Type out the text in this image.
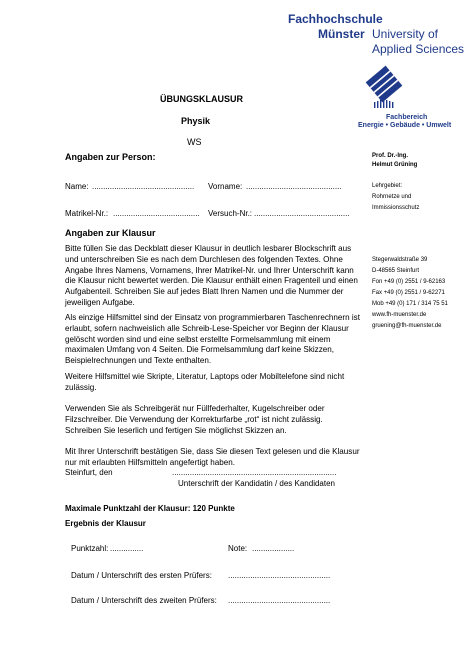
Fachhochschule
Münster University of
Applied Sciences
Fachbereich
Energie • Gebäude • Umwelt
ÜBUNGSKLAUSUR
Physik
WS
Angaben zur Person:
Name: .............................................. Vorname: ...........................................
Matrikel-Nr.: ....................................... Versuch-Nr.: ...........................................
Angaben zur Klausur

Bitte füllen Sie das Deckblatt dieser Klausur in deutlich lesbarer Blockschrift aus und unterschreiben Sie es nach dem Durchlesen des folgenden Textes. Ohne Angabe Ihres Namens, Vornamens, Ihrer Matrikel-Nr. und Ihrer Unterschrift kann die Klausur nicht bewertet werden. Die Klausur enthält einen Fragenteil und einen Aufgabenteil. Schreiben Sie auf jedes Blatt Ihren Namen und die Nummer der jeweiligen Aufgabe.

Als einzige Hilfsmittel sind der Einsatz von programmierbaren Taschenrechnern ist erlaubt, sofern nachweislich alle Schreib-Lese-Speicher vor Beginn der Klausur gelöscht worden sind und eine selbst erstellte Formelsammlung mit einem maximalen Umfang von 4 Seiten. Die Formelsammlung darf keine Skizzen, Beispielrechnungen und Texte enthalten.

Weitere Hilfsmittel wie Skripte, Literatur, Laptops oder Mobiltelefone sind nicht zulässig.

Verwenden Sie als Schreibgerät nur Füllfederhalter, Kugelschreiber oder Filzschreiber. Die Verwendung der Korrekturfarbe „rot“ ist nicht zulässig. Schreiben Sie leserlich und fertigen Sie möglichst Skizzen an.

Mit Ihrer Unterschrift bestätigen Sie, dass Sie diesen Text gelesen und die Klausur nur mit erlaubten Hilfsmitteln angefertigt haben.

Steinfurt, den	..........................................................................
Unterschrift der Kandidatin / des Kandidaten
Maximale Punktzahl der Klausur: 120 Punkte
Ergebnis der Klausur
Punktzahl: ...............	Note: ...................
Datum / Unterschrift des ersten Prüfers: ..............................................
Datum / Unterschrift des zweiten Prüfers: ..............................................
Prof. Dr.-Ing.
Helmut Grüning
Lehrgebiet:
Rohrnetze und
Immissionsschutz
Stegerwaldstraße 39
D-48565 Steinfurt
Fon +49 (0) 2551 / 9-62163
Fax +49 (0) 2551 / 9-62271
Mob +49 (0) 171 / 314 75 51
www.fh-muenster.de
gruening@fh-muenster.de
